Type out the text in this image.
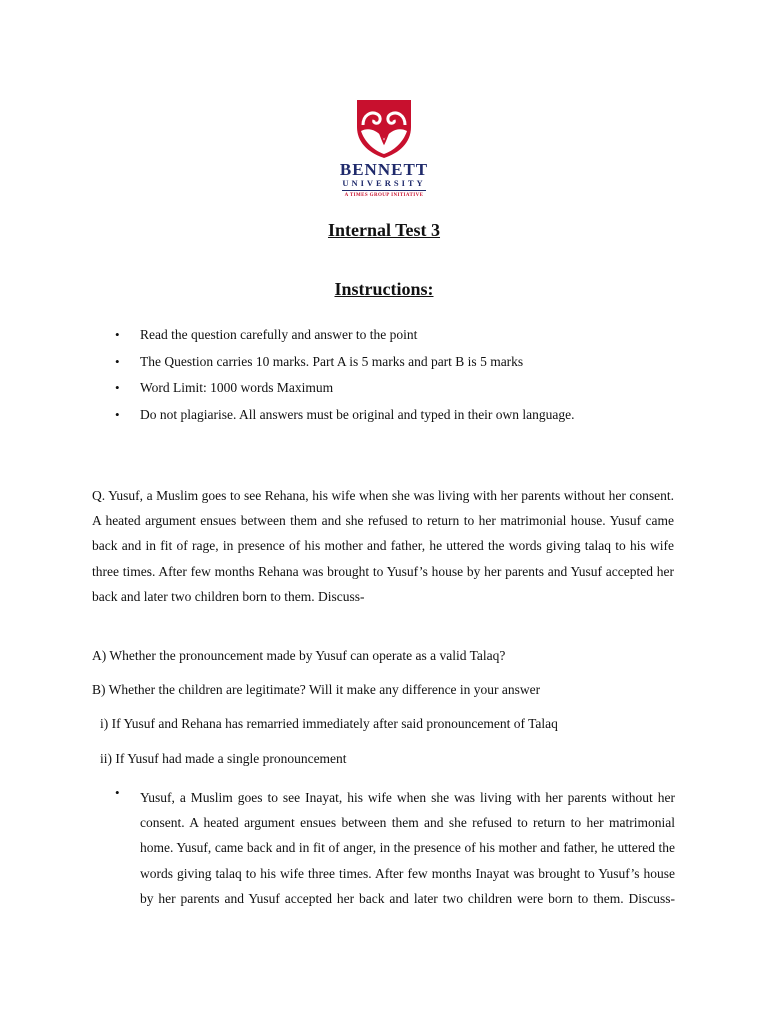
BENNETT
UNIVERSITY
A TIMES GROUP INITIATIVE
Internal Test 3
Instructions:
• Read the question carefully and answer to the point
• The Question carries 10 marks. Part A is 5 marks and part B is 5 marks
• Word Limit: 1000 words Maximum
• Do not plagiarise. All answers must be original and typed in their own language.

Q. Yusuf, a Muslim goes to see Rehana, his wife when she was living with her parents without her consent. A heated argument ensues between them and she refused to return to her matrimonial house. Yusuf came back and in fit of rage, in presence of his mother and father, he uttered the words giving talaq to his wife three times. After few months Rehana was brought to Yusuf’s house by her parents and Yusuf accepted her back and later two children born to them. Discuss-

A) Whether the pronouncement made by Yusuf can operate as a valid Talaq?
B) Whether the children are legitimate? Will it make any difference in your answer
i) If Yusuf and Rehana has remarried immediately after said pronouncement of Talaq
ii) If Yusuf had made a single pronouncement
• Yusuf, a Muslim goes to see Inayat, his wife when she was living with her parents without her consent. A heated argument ensues between them and she refused to return to her matrimonial home. Yusuf, came back and in fit of anger, in the presence of his mother and father, he uttered the words giving talaq to his wife three times. After few months Inayat was brought to Yusuf’s house by her parents and Yusuf accepted her back and later two children were born to them. Discuss-
